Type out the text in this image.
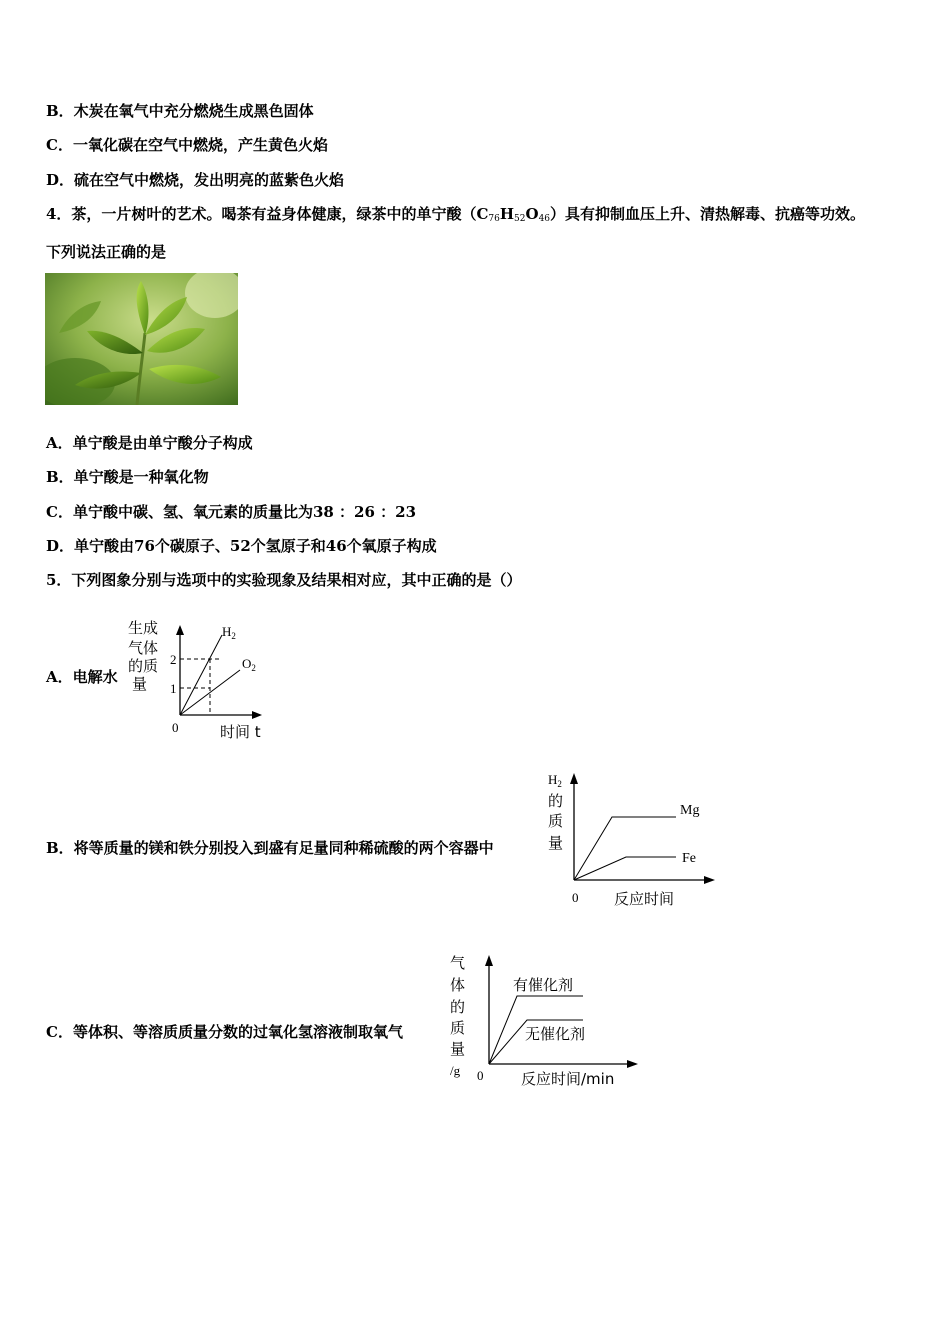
B．木炭在氧气中充分燃烧生成黑色固体
C．一氧化碳在空气中燃烧，产生黄色火焰
D．硫在空气中燃烧，发出明亮的蓝紫色火焰
4．茶，一片树叶的艺术。喝茶有益身体健康，绿茶中的单宁酸$(C_{76}H_{52}O_{46})$具有抑制血压上升、清热解毒、抗癌等功效。
下列说法正确的是
A．单宁酸是由单宁酸分子构成
B．单宁酸是一种氧化物
C．单宁酸中碳、氢、氧元素的质量比为38 ：26 ：23
D．单宁酸由76个碳原子、52个氢原子和46个氧原子构成
5．下列图象分别与选项中的实验现象及结果相对应，其中正确的是（）
A．电解水
生成
气体
的质
量
2
1
0
$H_2$
$O_2$
时间 t
B．将等质量的镁和铁分别投入到盛有足量同种稀硫酸的两个容器中
$H_2$
的
质
量
Mg
Fe
0 反应时间
C．等体积、等溶质质量分数的过氧化氢溶液制取氧气
气
体
的
质
量
/g
有催化剂
无催化剂
0	反应时间/min
